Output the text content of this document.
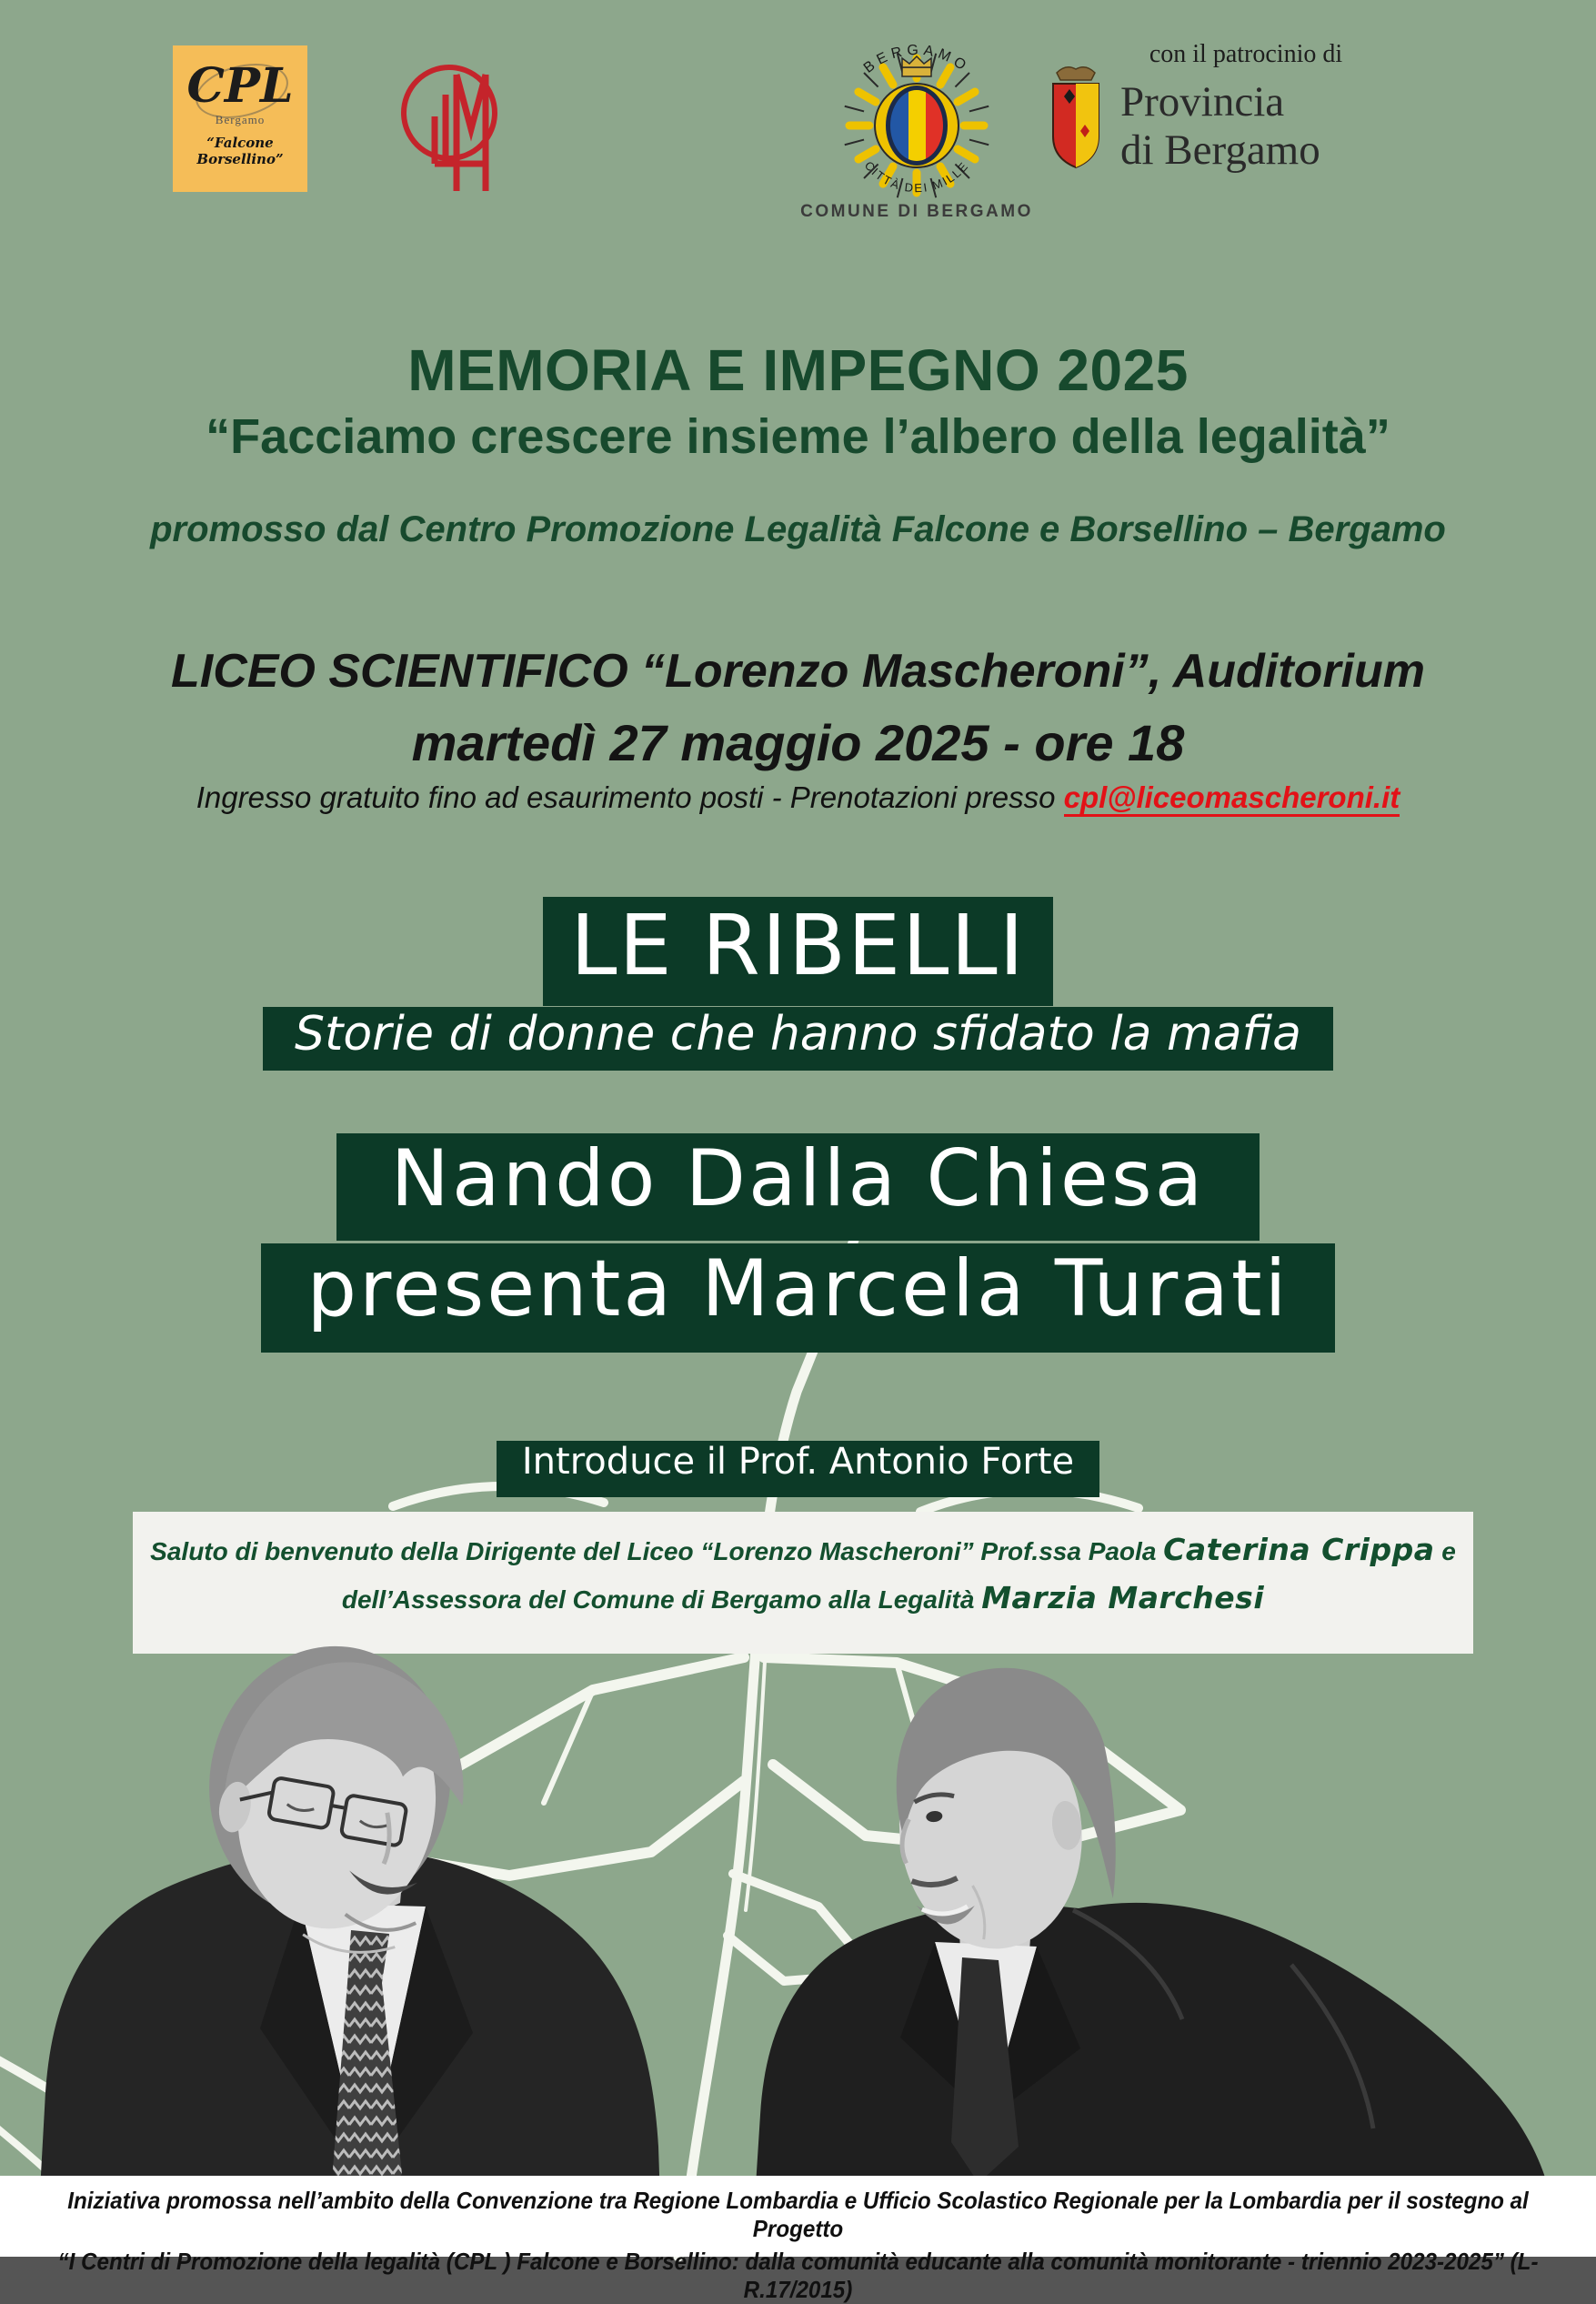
CPL
Bergamo
“Falcone Borsellino”
BERGAMO
CITTÀ DEI MILLE
COMUNE DI BERGAMO
con il patrocinio di
Provincia
di Bergamo
MEMORIA E IMPEGNO 2025
“Facciamo crescere insieme l’albero della legalità”
promosso dal Centro Promozione Legalità Falcone e Borsellino – Bergamo
LICEO SCIENTIFICO “Lorenzo Mascheroni”, Auditorium
martedì 27 maggio 2025 - ore 18
Ingresso gratuito fino ad esaurimento posti - Prenotazioni presso cpl@liceomascheroni.it
LE RIBELLI
Storie di donne che hanno sfidato la mafia
Nando Dalla Chiesa
presenta Marcela Turati
Introduce il Prof. Antonio Forte
Saluto di benvenuto della Dirigente del Liceo “Lorenzo Mascheroni” Prof.ssa Paola Caterina Crippa e
dell’Assessora del Comune di Bergamo alla Legalità Marzia Marchesi
Iniziativa promossa nell’ambito della Convenzione tra Regione Lombardia e Ufficio Scolastico Regionale per la Lombardia per il sostegno al Progetto
“I Centri di Promozione della legalità (CPL ) Falcone e Borsellino: dalla comunità educante alla comunità monitorante - triennio 2023-2025” (L-R.17/2015)
